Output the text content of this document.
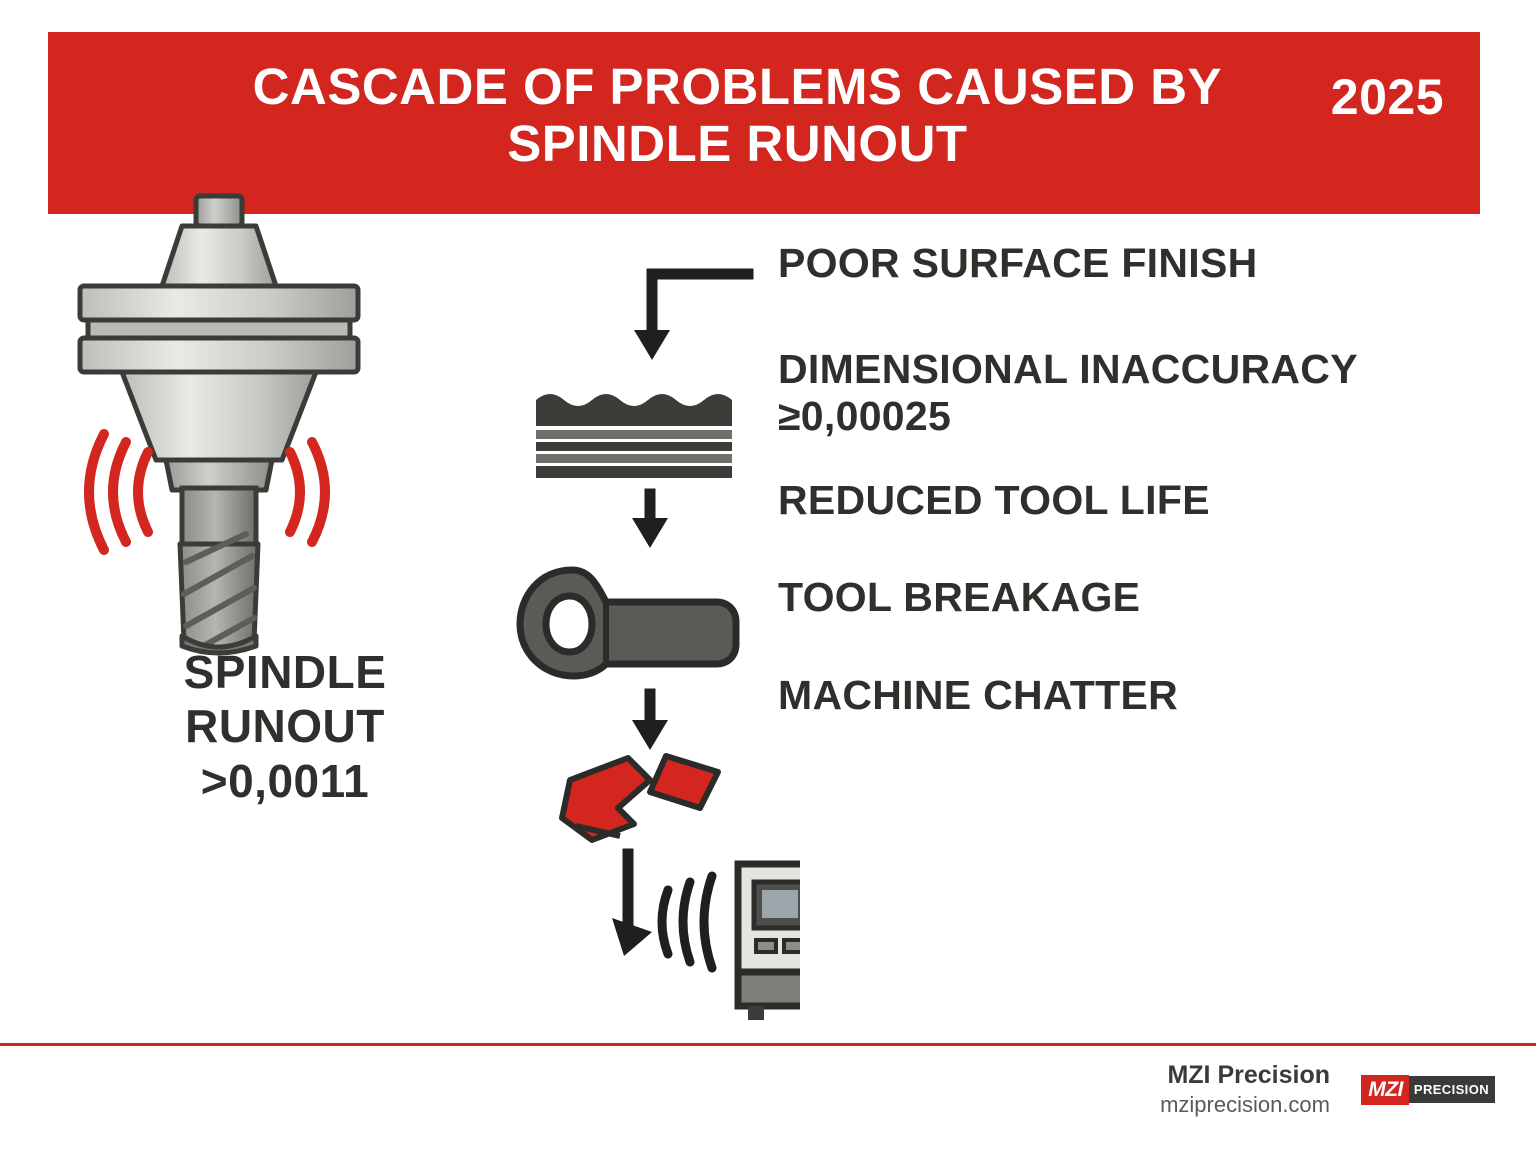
CASCADE OF PROBLEMS CAUSED BY SPINDLE RUNOUT
2025
SPINDLE
RUNOUT
>0,0011
POOR SURFACE FINISH
DIMENSIONAL INACCURACY
≥0,00025
REDUCED TOOL LIFE
TOOL BREAKAGE
MACHINE CHATTER
MZI Precision
mziprecision.com
MZI PRECISION
